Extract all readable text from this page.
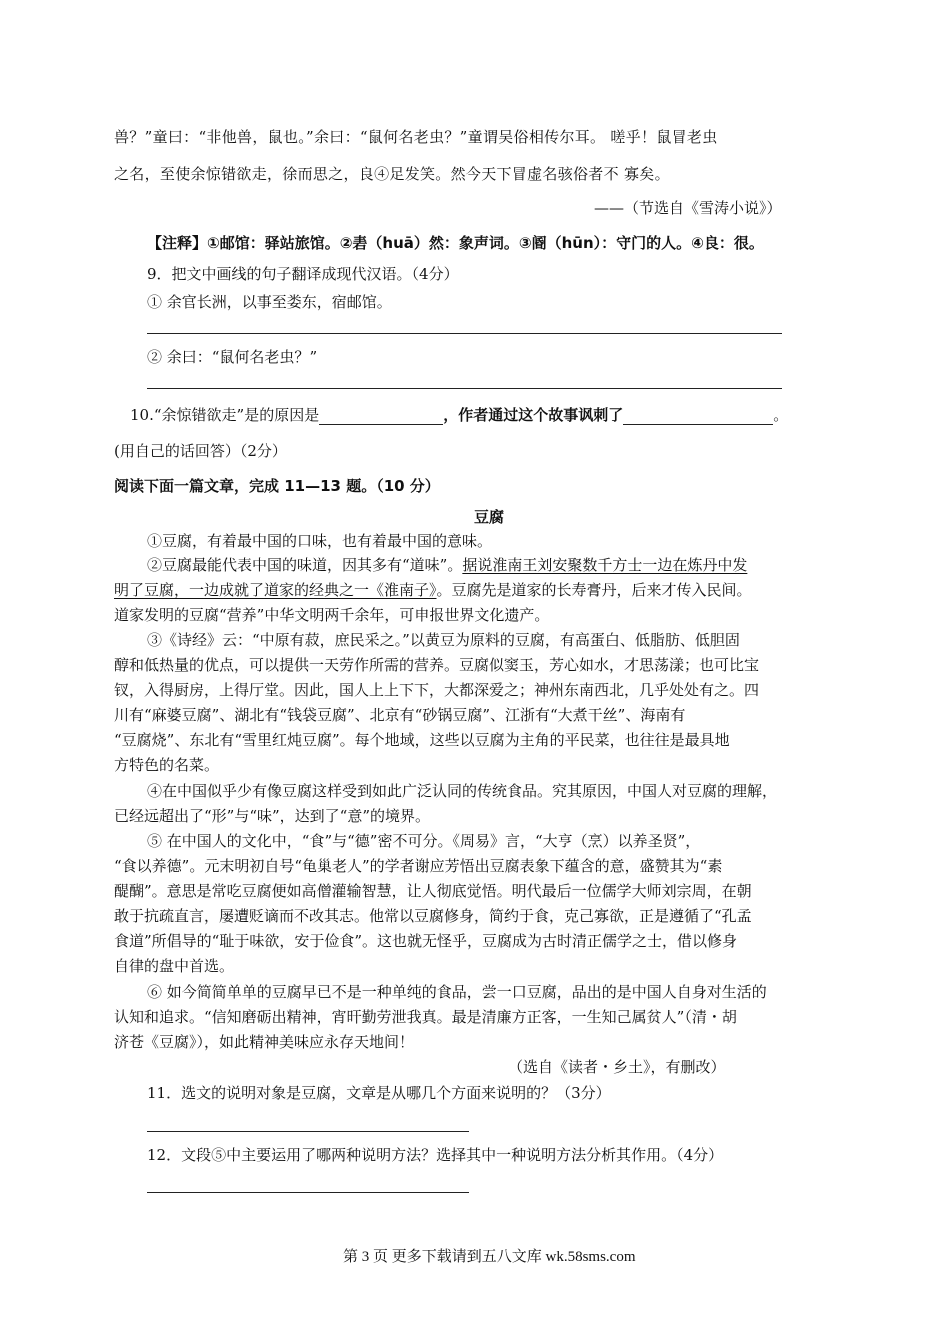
兽？”童曰：“非他兽，鼠也。”余曰：“鼠何名老虫？”童谓吴俗相传尔耳。 嗟乎！鼠冒老虫
之名，至使余惊错欲走，徐而思之，良④足发笑。然今天下冒虚名骇俗者不 寡矣。
——（节选自《雪涛小说》）
【注释】①邮馆：驿站旅馆。②砉（huā）然：象声词。③阍（hūn）：守门的人。④良：很。
9．把文中画线的句子翻译成现代汉语。（4分）
① 余官长洲，以事至娄东，宿邮馆。
② 余曰：“鼠何名老虫？”
10.“余惊错欲走”是的原因是	，作者通过这个故事讽刺了	。
(用自己的话回答）（2分）
阅读下面一篇文章，完成 11—13 题。（10 分）
豆腐
①豆腐，有着最中国的口味，也有着最中国的意味。
②豆腐最能代表中国的味道，因其多有“道味”。据说淮南王刘安聚数千方士一边在炼丹中发
明了豆腐，一边成就了道家的经典之一《淮南子》。豆腐先是道家的长寿膏丹，后来才传入民间。
道家发明的豆腐“营养”中华文明两千余年，可申报世界文化遗产。
③《诗经》云：“中原有菽，庶民采之。”以黄豆为原料的豆腐，有高蛋白、低脂肪、低胆固
醇和低热量的优点，可以提供一天劳作所需的营养。豆腐似窦玉，芳心如水，才思荡漾；也可比宝
钗，入得厨房，上得厅堂。因此，国人上上下下，大都深爱之；神州东南西北，几乎处处有之。四
川有“麻婆豆腐”、湖北有“钱袋豆腐”、北京有“砂锅豆腐”、江浙有“大煮干丝”、海南有
“豆腐烧”、东北有“雪里红炖豆腐”。每个地域，这些以豆腐为主角的平民菜，也往往是最具地
方特色的名菜。
④在中国似乎少有像豆腐这样受到如此广泛认同的传统食品。究其原因，中国人对豆腐的理解，
已经远超出了“形”与“味”，达到了“意”的境界。
⑤ 在中国人的文化中，“食”与“德”密不可分。《周易》言，“大亨（烹）以养圣贤”，
“食以养德”。元末明初自号“龟巢老人”的学者谢应芳悟出豆腐表象下蕴含的意，盛赞其为“素
醍醐”。意思是常吃豆腐便如高僧灌输智慧，让人彻底觉悟。明代最后一位儒学大师刘宗周，在朝
敢于抗疏直言，屡遭贬谪而不改其志。他常以豆腐修身，简约于食，克己寡欲，正是遵循了“孔孟
食道”所倡导的“耻于味欲，安于俭食”。这也就无怪乎，豆腐成为古时清正儒学之士，借以修身
自律的盘中首选。
⑥ 如今简简单单的豆腐早已不是一种单纯的食品，尝一口豆腐，品出的是中国人自身对生活的
认知和追求。“信知磨砺出精神，宵旰勤劳泄我真。最是清廉方正客，一生知己属贫人”（清・胡
济苍《豆腐》），如此精神美味应永存天地间！
（选自《读者・乡土》，有删改）
11．选文的说明对象是豆腐，文章是从哪几个方面来说明的？（3分）
12．文段⑤中主要运用了哪两种说明方法？选择其中一种说明方法分析其作用。（4分）
第 3 页 更多下载请到五八文库 wk.58sms.com
